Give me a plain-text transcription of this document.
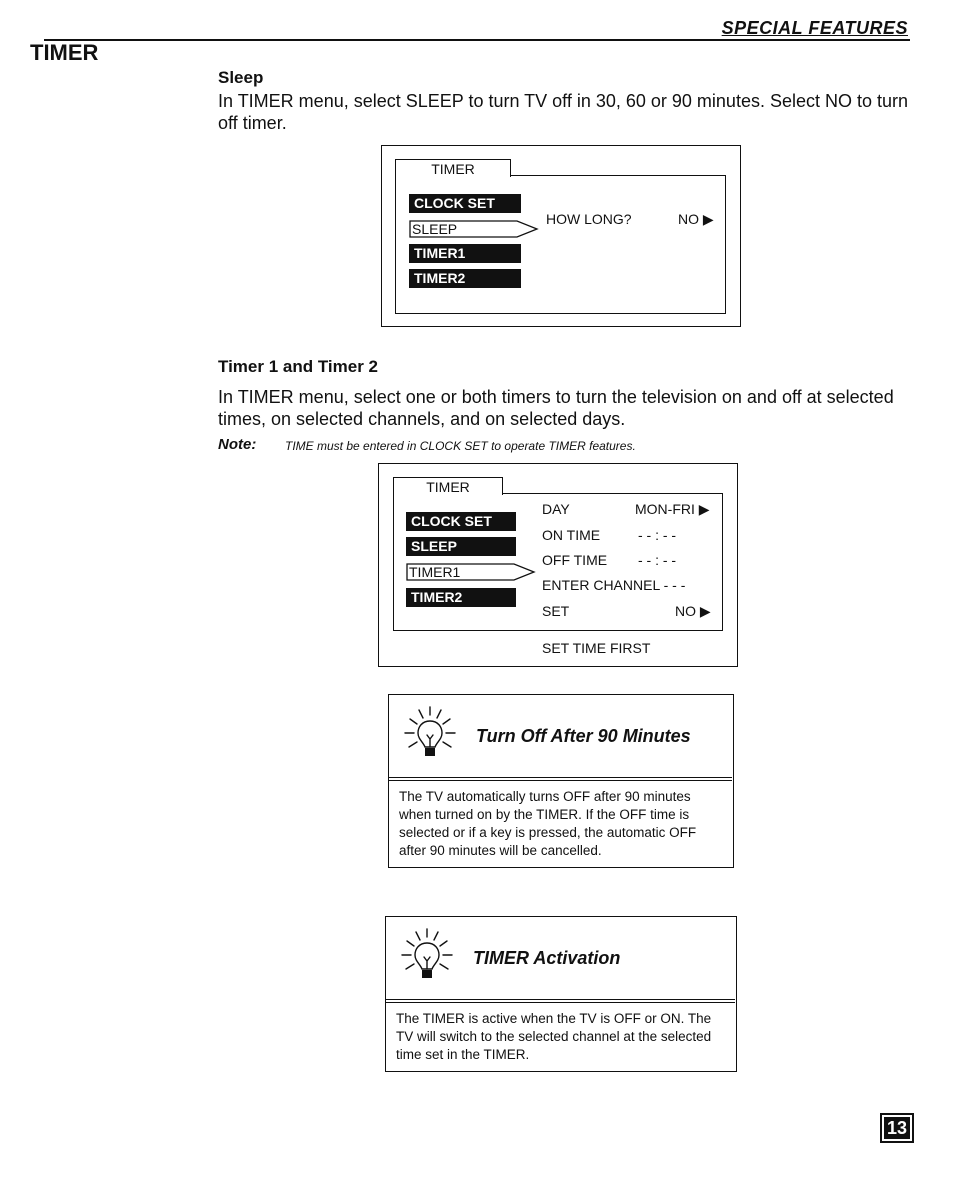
SPECIAL FEATURES
TIMER
Sleep
In TIMER menu, select SLEEP to turn TV off in 30, 60 or 90 minutes. Select NO to turn off timer.
TIMER
CLOCK SET
SLEEP
TIMER1
TIMER2
HOW LONG?	NO ▶
Timer 1 and Timer 2
In TIMER menu, select one or both timers to turn the television on and off at selected times, on selected channels, and on selected days.
Note: TIME must be entered in CLOCK SET to operate TIMER features.
TIMER
CLOCK SET
SLEEP
TIMER1
TIMER2
DAY	MON-FRI ▶
ON TIME	- - : - -
OFF TIME - - : - -
ENTER CHANNEL - - -
SET	NO ▶
SET TIME FIRST
Turn Off After 90 Minutes
The TV automatically turns OFF after 90 minutes when turned on by the TIMER. If the OFF time is selected or if a key is pressed, the automatic OFF after 90 minutes will be cancelled.
TIMER Activation
The TIMER is active when the TV is OFF or ON. The TV will switch to the selected channel at the selected time set in the TIMER.
13
